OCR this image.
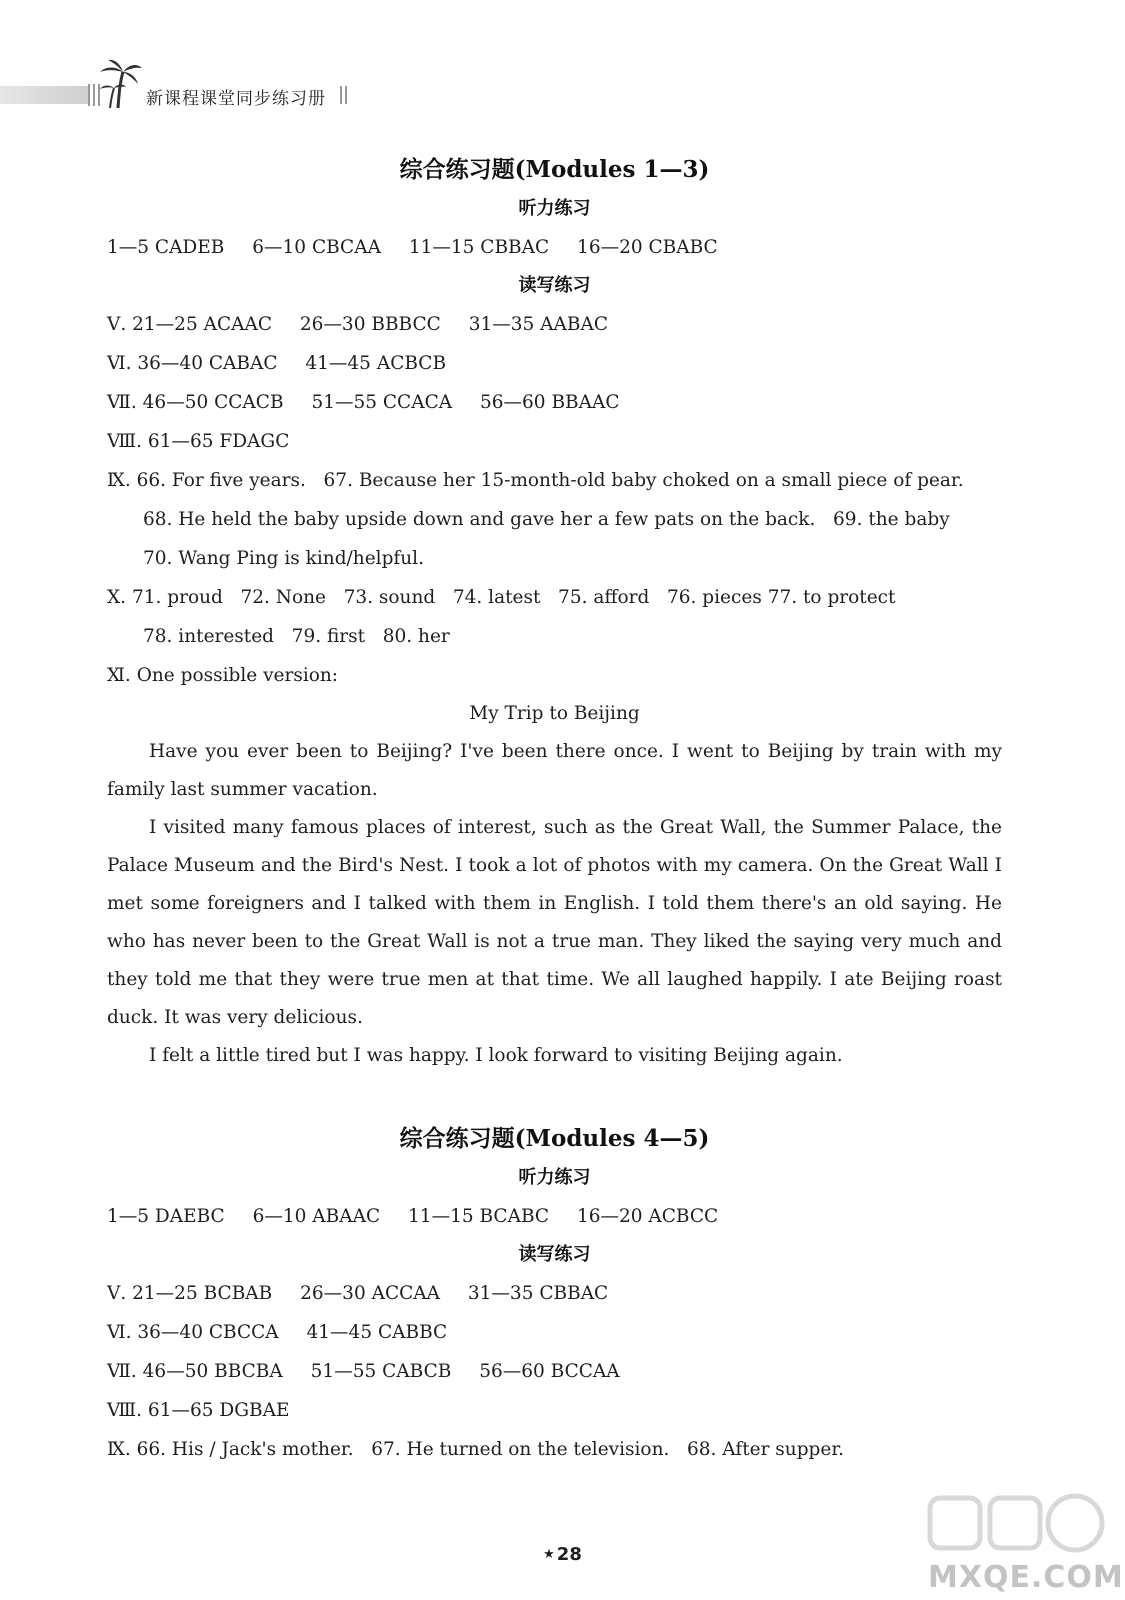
新课程课堂同步练习册
综合练习题(Modules 1—3)
听力练习
1—5 CADEB 6—10 CBCAA 11—15 CBBAC 16—20 CBABC
读写练习
Ⅴ. 21—25 ACAAC 26—30 BBBCC 31—35 AABAC
Ⅵ. 36—40 CABAC 41—45 ACBCB
Ⅶ. 46—50 CCACB 51—55 CCACA 56—60 BBAAC
Ⅷ. 61—65 FDAGC
Ⅸ. 66. For five years.   67. Because her 15-month-old baby choked on a small piece of pear.
68. He held the baby upside down and gave her a few pats on the back.   69. the baby
70. Wang Ping is kind/helpful.
Ⅹ. 71. proud   72. None   73. sound   74. latest   75. afford   76. pieces 77. to protect
78. interested   79. first   80. her
Ⅺ. One possible version:
My Trip to Beijing

Have you ever been to Beijing? I've been there once. I went to Beijing by train with my family last summer vacation.

I visited many famous places of interest, such as the Great Wall, the Summer Palace, the Palace Museum and the Bird's Nest. I took a lot of photos with my camera. On the Great Wall I met some foreigners and I talked with them in English. I told them there's an old saying. He who has never been to the Great Wall is not a true man. They liked the saying very much and they told me that they were true men at that time. We all laughed happily. I ate Beijing roast duck. It was very delicious.

I felt a little tired but I was happy. I look forward to visiting Beijing again.

综合练习题(Modules 4—5)
听力练习
1—5 DAEBC 6—10 ABAAC 11—15 BCABC 16—20 ACBCC
读写练习
Ⅴ. 21—25 BCBAB 26—30 ACCAA 31—35 CBBAC
Ⅵ. 36—40 CBCCA 41—45 CABBC
Ⅶ. 46—50 BBCBA 51—55 CABCB 56—60 BCCAA
Ⅷ. 61—65 DGBAE
Ⅸ. 66. His / Jack's mother.   67. He turned on the television.   68. After supper.
★ 28
MXQE.COM
